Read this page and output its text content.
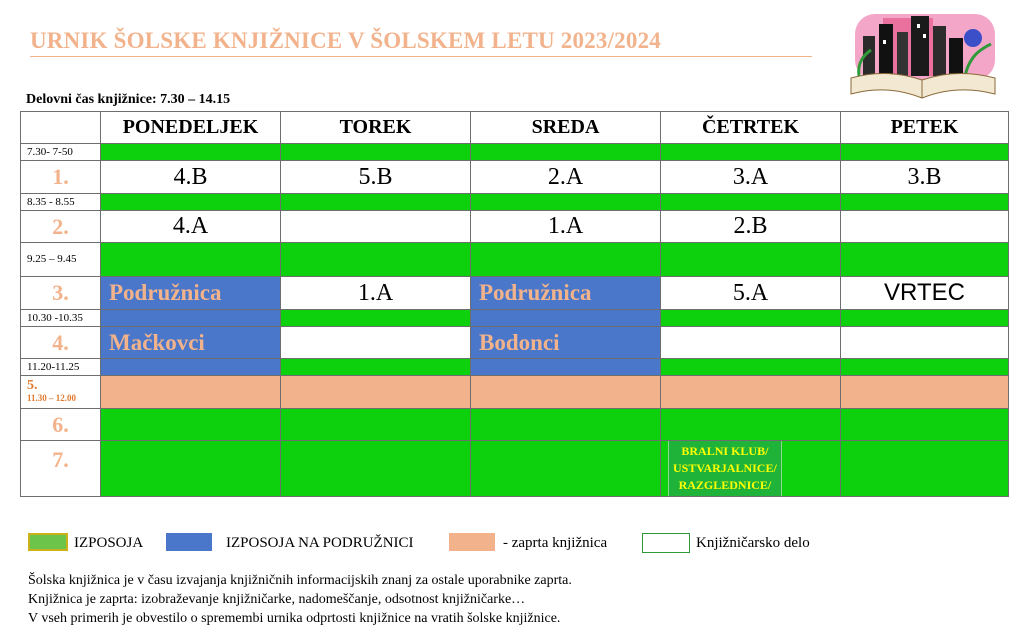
URNIK ŠOLSKE KNJIŽNICE V ŠOLSKEM LETU 2023/2024
Delovni čas knjižnice: 7.30 – 14.15
	PONEDELJEK	TOREK	SREDA	ČETRTEK	PETEK
7.30- 7-50					
1.	4.B	5.B	2.A	3.A	3.B
8.35 - 8.55					
2.	4.A		1.A	2.B	
9.25 – 9.45					
3.	Podružnica	1.A	Podružnica	5.A	VRTEC
10.30 -10.35					
4.	Mačkovci		Bodonci		
11.20-11.25					

5.
11.30 – 12.00					

6.					
7.				BRALNI KLUB/
USTVARJALNICE/
RAZGLEDNICE/	

IZPOSOJA	IZPOSOJA NA PODRUŽNICI	- zaprta knjižnica	Knjižničarsko delo
Šolska knjižnica je v času izvajanja knjižničnih informacijskih znanj za ostale uporabnike zaprta.
Knjižnica je zaprta: izobraževanje knjižničarke, nadomeščanje, odsotnost knjižničarke…
V vseh primerih je obvestilo o spremembi urnika odprtosti knjižnice na vratih šolske knjižnice.
